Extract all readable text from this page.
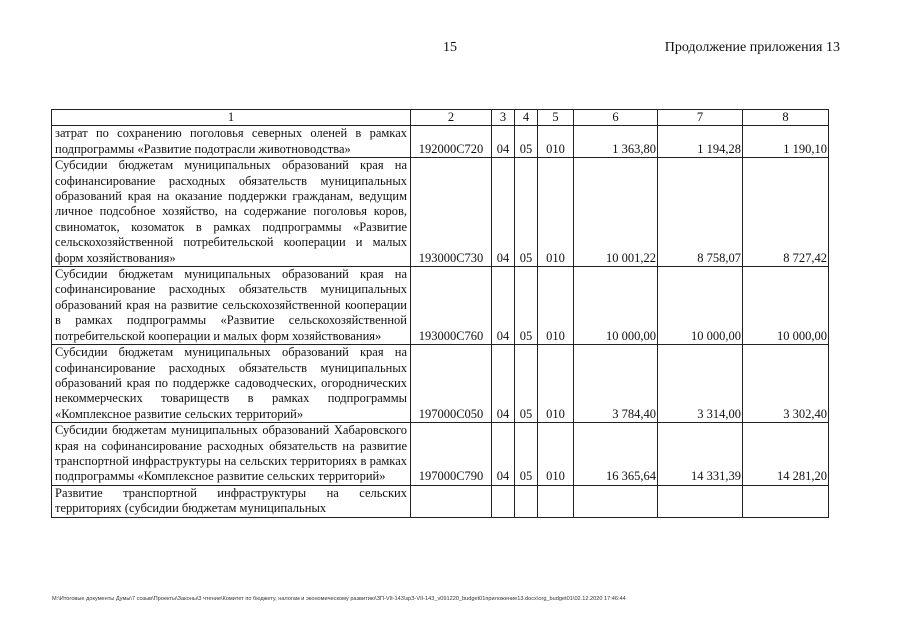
15	Продолжение приложения 13
1	2	3	4	5	6	7	8
затрат по сохранению поголовья северных оленей в рамках подпрограммы «Развитие подотрасли животноводства»	192000С720	04	05	010	1 363,80	1 194,28	1 190,10
Субсидии бюджетам муниципальных образований края на софинансирование расходных обязательств муниципальных образований края на оказание поддержки гражданам, ведущим личное подсобное хозяйство, на содержание поголовья коров, свиноматок, козоматок в рамках подпрограммы «Развитие сельскохозяйственной потребительской кооперации и малых форм хозяйствования»	193000С730	04	05	010	10 001,22	8 758,07	8 727,42
Субсидии бюджетам муниципальных образований края на софинансирование расходных обязательств муниципальных образований края на развитие сельскохозяйственной кооперации в рамках подпрограммы «Развитие сельскохозяйственной потребительской кооперации и малых форм хозяйствования»	193000С760	04	05	010	10 000,00	10 000,00	10 000,00
Субсидии бюджетам муниципальных образований края на софинансирование расходных обязательств муниципальных образований края по поддержке садоводческих, огороднических некоммерческих товариществ в рамках подпрограммы «Комплексное развитие сельских территорий»	197000С050	04	05	010	3 784,40	3 314,00	3 302,40
Субсидии бюджетам муниципальных образований Хабаровского края на софинансирование расходных обязательств на развитие транспортной инфраструктуры на сельских территориях в рамках подпрограммы «Комплексное развитие сельских территорий»	197000С790	04	05	010	16 365,64	14 331,39	14 281,20
Развитие транспортной инфраструктуры на сельских территориях (субсидии бюджетам муниципальных							
М:\Итоговые документы Думы\7 созыв\Проекты\Законы\3 чтение\Комитет по бюджету, налогам и экономическому развитию\ЗП-VII-143\зрЗ-VII-143_v091220_budget01приложение13.docx\org_budget01\02.12.2020 17:46:44
